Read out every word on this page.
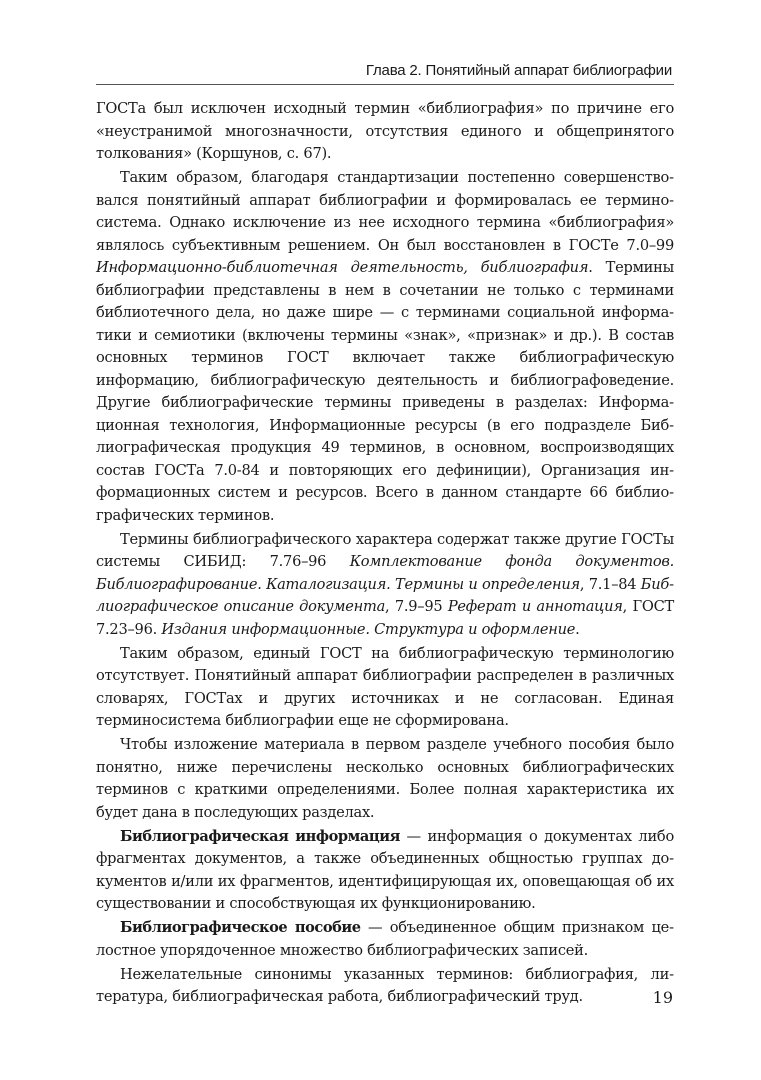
Глава 2. Понятийный аппарат библиографии

ГОСТа был исключен исходный термин «библиография» по причине его «неустранимой многозначности, отсутствия единого и общепринятого толкования» (Коршунов, с. 67).

Таким образом, благодаря стандартизации постепенно совершенствовался понятийный аппарат библиографии и формировалась ее терминосистема. Однако исключение из нее исходного термина «библиография» являлось субъективным решением. Он был восстановлен в ГОСТе 7.0–99 Информационно-библиотечная деятельность, библиография. Термины библиографии представлены в нем в сочетании не только с терминами библиотечного дела, но даже шире — с терминами социальной информатики и семиотики (включены термины «знак», «признак» и др.). В состав основных терминов ГОСТ включает также библиографическую информацию, библиографическую деятельность и библиографоведение. Другие библиографические термины приведены в разделах: Информационная технология, Информационные ресурсы (в его подразделе Библиографическая продукция 49 терминов, в основном, воспроизводящих состав ГОСТа 7.0-84 и повторяющих его дефиниции), Организация информационных систем и ресурсов. Всего в данном стандарте 66 библиографических терминов.

Термины библиографического характера содержат также другие ГОСТы системы СИБИД: 7.76–96 Комплектование фонда документов. Библиографирование. Каталогизация. Термины и определения, 7.1–84 Библиографическое описание документа, 7.9–95 Реферат и аннотация, ГОСТ 7.23–96. Издания информационные. Структура и оформление.

Таким образом, единый ГОСТ на библиографическую терминологию отсутствует. Понятийный аппарат библиографии распределен в различных словарях, ГОСТах и других источниках и не согласован. Единая терминосистема библиографии еще не сформирована.

Чтобы изложение материала в первом разделе учебного пособия было понятно, ниже перечислены несколько основных библиографических терминов с краткими определениями. Более полная характеристика их будет дана в последующих разделах.

Библиографическая информация — информация о документах либо фрагментах документов, а также объединенных общностью группах документов и/или их фрагментов, идентифицирующая их, оповещающая об их существовании и способствующая их функционированию.

Библиографическое пособие — объединенное общим признаком целостное упорядоченное множество библиографических записей.

Нежелательные синонимы указанных терминов: библиография, литература, библиографическая работа, библиографический труд.	19
